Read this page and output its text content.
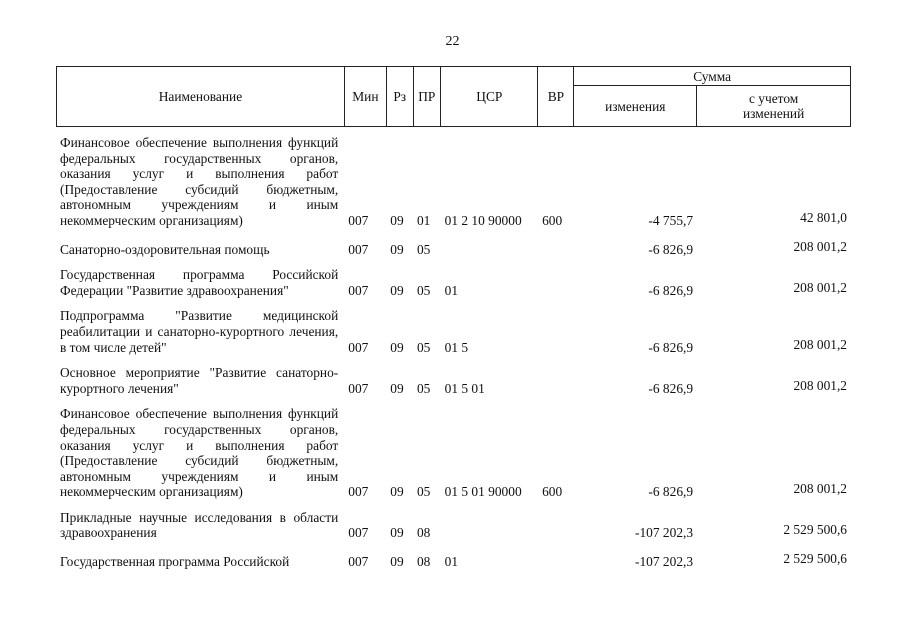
22
Наименование	Мин	Рз	ПР	ЦСР	ВР	Сумма	
						изменения	с учетом
изменений
Финансовое обеспечение выполнения функций федеральных государственных органов, оказания услуг и выполнения работ (Предоставление субсидий бюджетным, автономным учреждениям и иным некоммерческим организациям)	007	09	01	01 2 10 90000	600	-4 755,7	42 801,0
Санаторно-оздоровительная помощь	007	09	05			-6 826,9	208 001,2
Государственная программа Российской Федерации "Развитие здравоохранения"	007	09	05	01		-6 826,9	208 001,2
Подпрограмма "Развитие медицинской реабилитации и санаторно-курортного лечения, в том числе детей"	007	09	05	01 5		-6 826,9	208 001,2
Основное мероприятие "Развитие санаторно-курортного лечения"	007	09	05	01 5 01		-6 826,9	208 001,2
Финансовое обеспечение выполнения функций федеральных государственных органов, оказания услуг и выполнения работ (Предоставление субсидий бюджетным, автономным учреждениям и иным некоммерческим организациям)	007	09	05	01 5 01 90000	600	-6 826,9	208 001,2
Прикладные научные исследования в области здравоохранения	007	09	08			-107 202,3	2 529 500,6
Государственная программа Российской	007	09	08	01		-107 202,3	2 529 500,6
